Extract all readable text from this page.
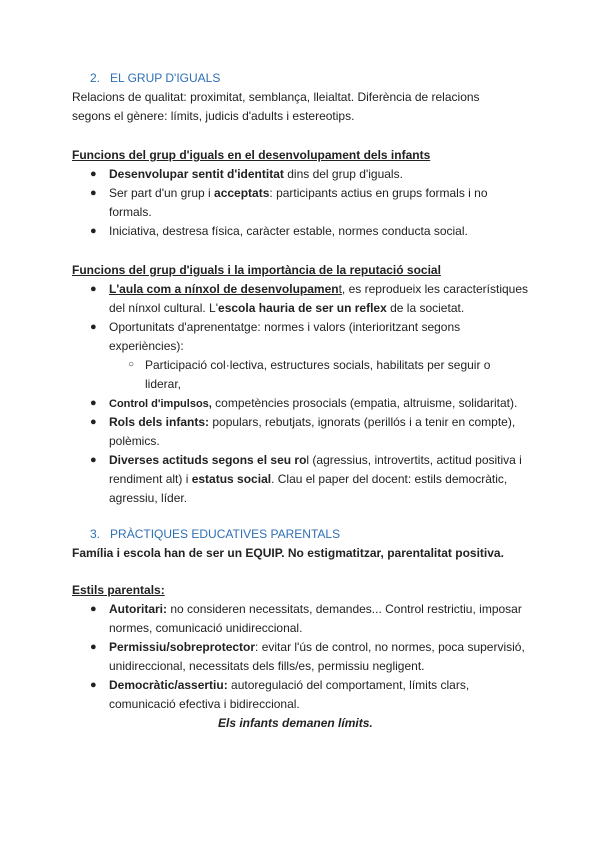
2. EL GRUP D'IGUALS
Relacions de qualitat: proximitat, semblança, lleialtat. Diferència de relacions
segons el gènere: límits, judicis d'adults i estereotips.
Funcions del grup d'iguals en el desenvolupament dels infants
● Desenvolupar sentit d'identitat dins del grup d'iguals.
● Ser part d'un grup i acceptats: participants actius en grups formals i no
formals.
● Iniciativa, destresa física, caràcter estable, normes conducta social.
Funcions del grup d'iguals i la importància de la reputació social
● L'aula com a nínxol de desenvolupament, es reprodueix les característiques
del nínxol cultural. L'escola hauria de ser un reflex de la societat.
● Oportunitats d'aprenentatge: normes i valors (interioritzant segons
experiències):
○ Participació col·lectiva, estructures socials, habilitats per seguir o
liderar,
● Control d'impulsos, competències prosocials (empatia, altruisme, solidaritat).
● Rols dels infants: populars, rebutjats, ignorats (perillós i a tenir en compte),
polèmics.
● Diverses actituds segons el seu rol (agressius, introvertits, actitud positiva i
rendiment alt) i estatus social. Clau el paper del docent: estils democràtic,
agressiu, líder.
3. PRÀCTIQUES EDUCATIVES PARENTALS
Família i escola han de ser un EQUIP. No estigmatitzar, parentalitat positiva.
Estils parentals:
● Autoritari: no consideren necessitats, demandes... Control restrictiu, imposar
normes, comunicació unidireccional.
● Permissiu/sobreprotector: evitar l'ús de control, no normes, poca supervisió,
unidireccional, necessitats dels fills/es, permissiu negligent.
● Democràtic/assertiu: autoregulació del comportament, límits clars,
comunicació efectiva i bidireccional.
Els infants demanen límits.
